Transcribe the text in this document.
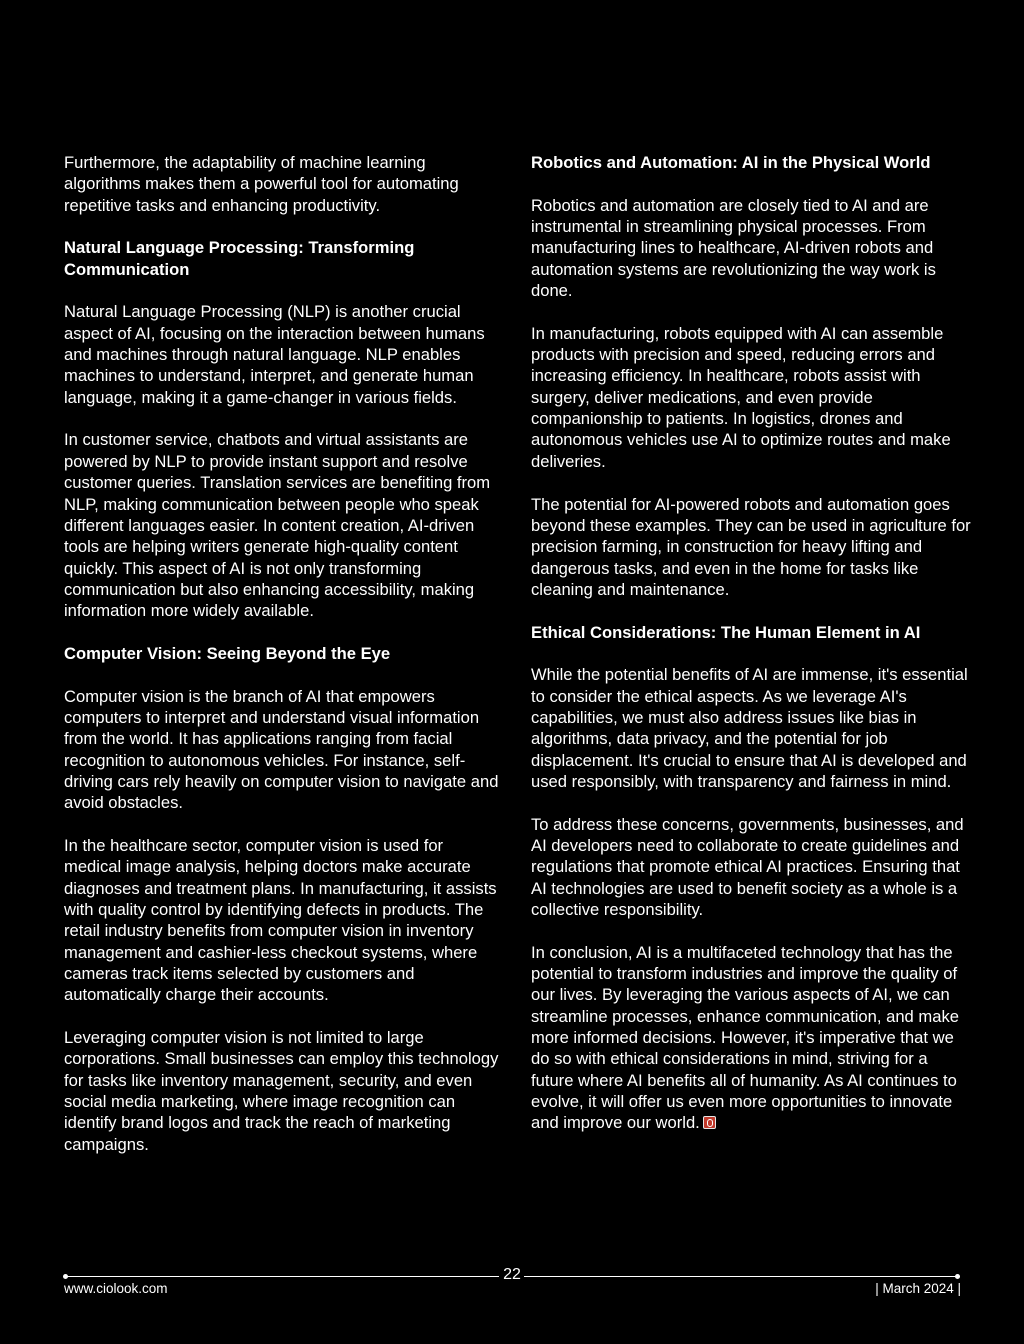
Furthermore, the adaptability of machine learning algorithms makes them a powerful tool for automating repetitive tasks and enhancing productivity.

Natural Language Processing: Transforming Communication

Natural Language Processing (NLP) is another crucial aspect of AI, focusing on the interaction between humans and machines through natural language. NLP enables machines to understand, interpret, and generate human language, making it a game-changer in various fields.

In customer service, chatbots and virtual assistants are powered by NLP to provide instant support and resolve customer queries. Translation services are benefiting from NLP, making communication between people who speak different languages easier. In content creation, AI-driven tools are helping writers generate high-quality content quickly. This aspect of AI is not only transforming communication but also enhancing accessibility, making information more widely available.

Computer Vision: Seeing Beyond the Eye

Computer vision is the branch of AI that empowers computers to interpret and understand visual information from the world. It has applications ranging from facial recognition to autonomous vehicles. For instance, self-driving cars rely heavily on computer vision to navigate and avoid obstacles.

In the healthcare sector, computer vision is used for medical image analysis, helping doctors make accurate diagnoses and treatment plans. In manufacturing, it assists with quality control by identifying defects in products. The retail industry benefits from computer vision in inventory management and cashier-less checkout systems, where cameras track items selected by customers and automatically charge their accounts.

Leveraging computer vision is not limited to large corporations. Small businesses can employ this technology for tasks like inventory management, security, and even social media marketing, where image recognition can identify brand logos and track the reach of marketing campaigns.

Robotics and Automation: AI in the Physical World

Robotics and automation are closely tied to AI and are instrumental in streamlining physical processes. From manufacturing lines to healthcare, AI-driven robots and automation systems are revolutionizing the way work is done.

In manufacturing, robots equipped with AI can assemble products with precision and speed, reducing errors and increasing efficiency. In healthcare, robots assist with surgery, deliver medications, and even provide companionship to patients. In logistics, drones and autonomous vehicles use AI to optimize routes and make deliveries.

The potential for AI-powered robots and automation goes beyond these examples. They can be used in agriculture for precision farming, in construction for heavy lifting and dangerous tasks, and even in the home for tasks like cleaning and maintenance.

Ethical Considerations: The Human Element in AI

While the potential benefits of AI are immense, it's essential to consider the ethical aspects. As we leverage AI's capabilities, we must also address issues like bias in algorithms, data privacy, and the potential for job displacement. It's crucial to ensure that AI is developed and used responsibly, with transparency and fairness in mind.

To address these concerns, governments, businesses, and AI developers need to collaborate to create guidelines and regulations that promote ethical AI practices. Ensuring that AI technologies are used to benefit society as a whole is a collective responsibility.

In conclusion, AI is a multifaceted technology that has the potential to transform industries and improve the quality of our lives. By leveraging the various aspects of AI, we can streamline processes, enhance communication, and make more informed decisions. However, it's imperative that we do so with ethical considerations in mind, striving for a future where AI benefits all of humanity. As AI continues to evolve, it will offer us even more opportunities to innovate and improve our world.

22
www.ciolook.com	| March 2024 |
